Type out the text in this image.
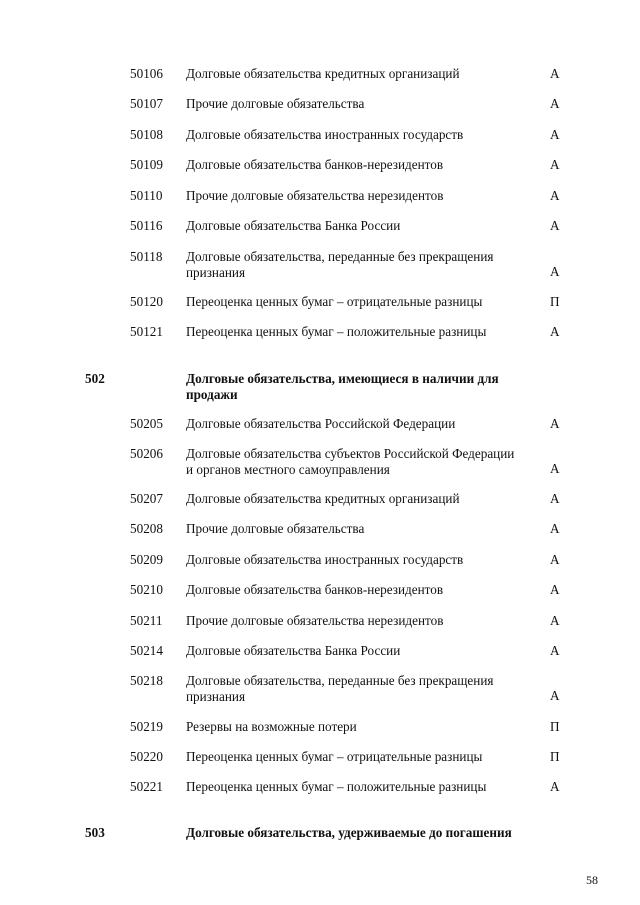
50106 Долговые обязательства кредитных организаций	А
50107 Прочие долговые обязательства	А
50108 Долговые обязательства иностранных государств	А
50109 Долговые обязательства банков-нерезидентов	А
50110 Прочие долговые обязательства нерезидентов	А
50116 Долговые обязательства Банка России	А
50118 Долговые обязательства, переданные без прекращения признания	А
50120 Переоценка ценных бумаг – отрицательные разницы	П
50121 Переоценка ценных бумаг – положительные разницы	А
502	Долговые обязательства, имеющиеся в наличии для продажи
50205 Долговые обязательства Российской Федерации	А
50206 Долговые обязательства субъектов Российской Федерации и органов местного самоуправления	А
50207 Долговые обязательства кредитных организаций	А
50208 Прочие долговые обязательства	А
50209 Долговые обязательства иностранных государств	А
50210 Долговые обязательства банков-нерезидентов	А
50211 Прочие долговые обязательства нерезидентов	А
50214 Долговые обязательства Банка России	А
50218 Долговые обязательства, переданные без прекращения признания	А
50219 Резервы на возможные потери	П
50220 Переоценка ценных бумаг – отрицательные разницы	П
50221 Переоценка ценных бумаг – положительные разницы	А
503	Долговые обязательства, удерживаемые до погашения
58
